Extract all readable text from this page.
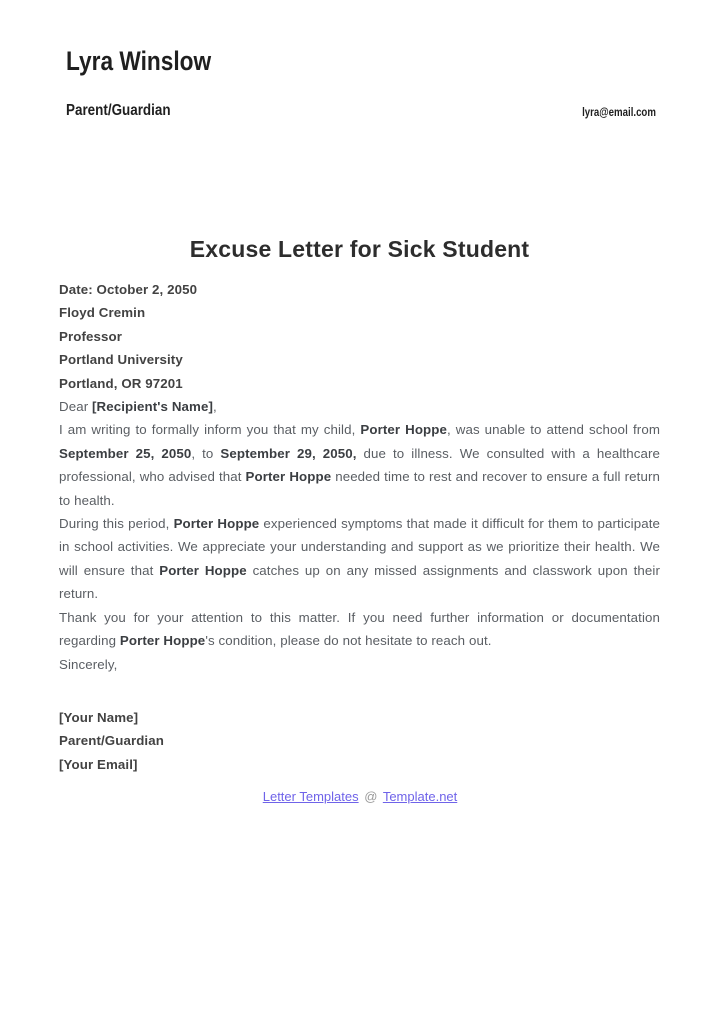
Lyra Winslow
Parent/Guardian	lyra@email.com
Excuse Letter for Sick Student

Date: October 2, 2050

Floyd Cremin

Professor

Portland University

Portland, OR 97201

Dear [Recipient's Name],

I am writing to formally inform you that my child, Porter Hoppe, was unable to attend school from September 25, 2050, to September 29, 2050, due to illness. We consulted with a healthcare professional, who advised that Porter Hoppe needed time to rest and recover to ensure a full return to health.

During this period, Porter Hoppe experienced symptoms that made it difficult for them to participate in school activities. We appreciate your understanding and support as we prioritize their health. We will ensure that Porter Hoppe catches up on any missed assignments and classwork upon their return.

Thank you for your attention to this matter. If you need further information or documentation regarding Porter Hoppe's condition, please do not hesitate to reach out.

Sincerely,

[Your Name]

Parent/Guardian

[Your Email]

Letter Templates @ Template.net
